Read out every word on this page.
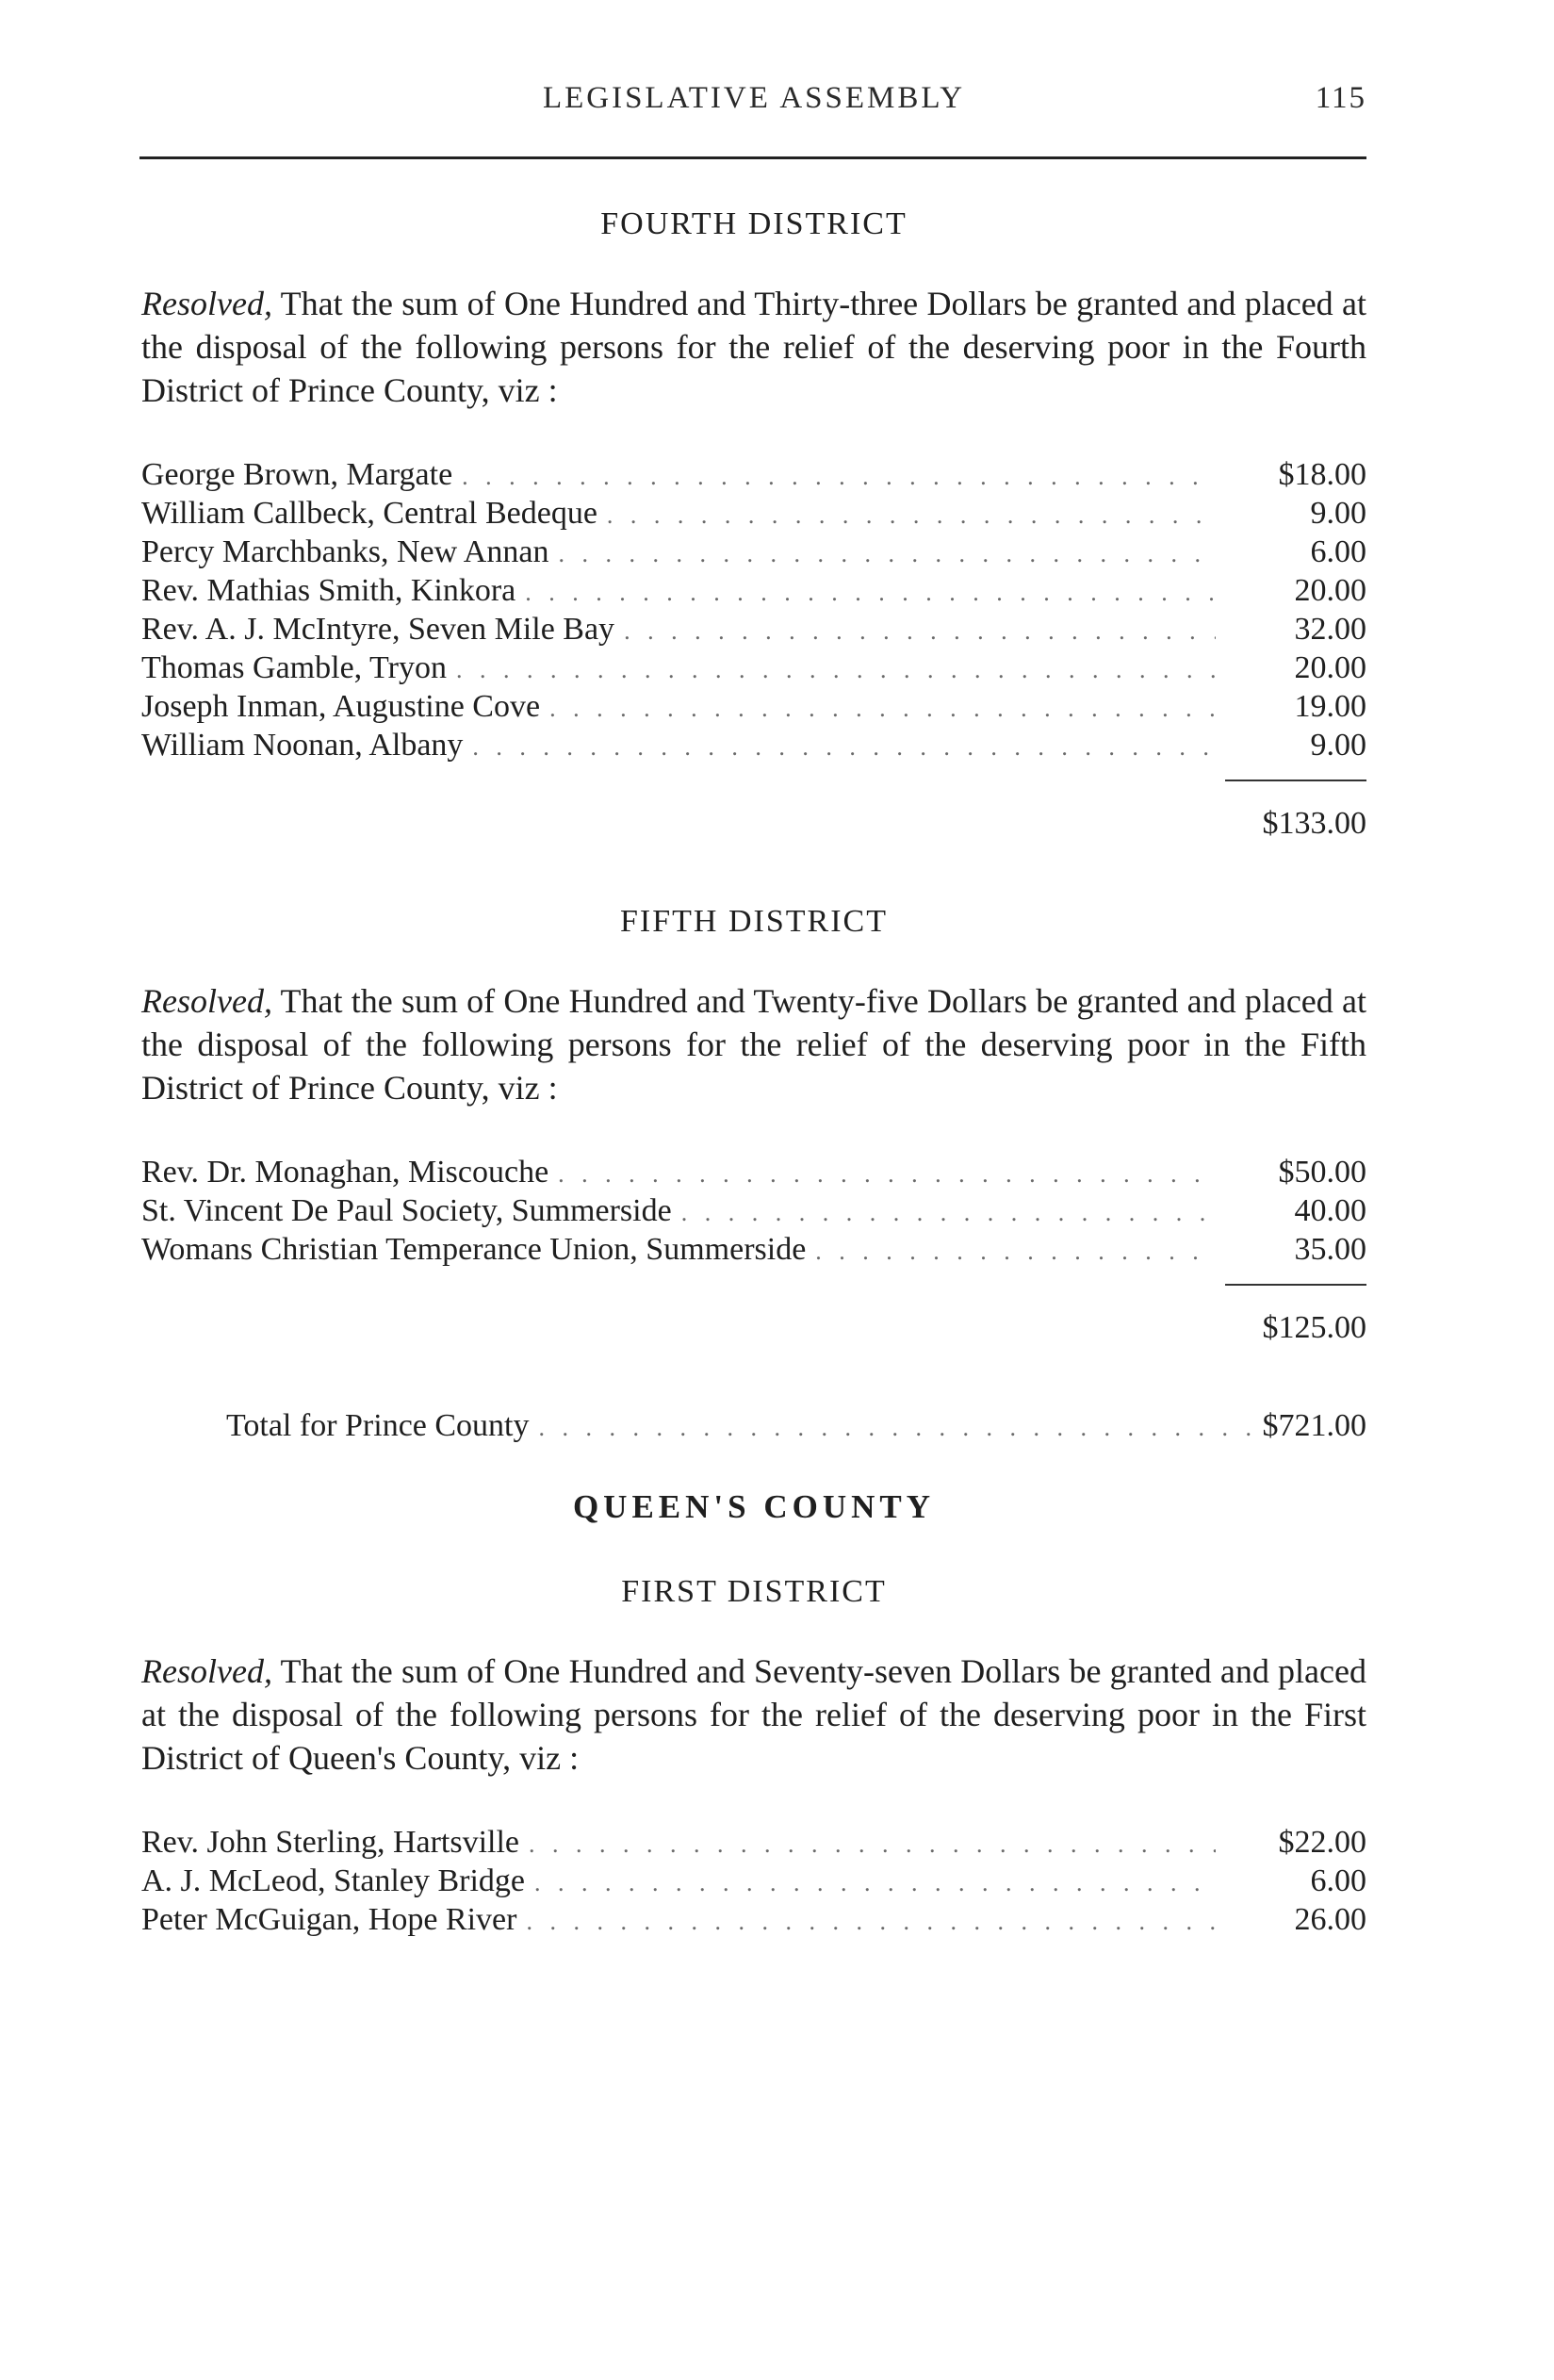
LEGISLATIVE ASSEMBLY	115
FOURTH DISTRICT

Resolved, That the sum of One Hundred and Thirty-three Dollars be granted and placed at the disposal of the following persons for the relief of the deserving poor in the Fourth District of Prince County, viz :

George Brown, Margate . . .	$18.00
William Callbeck, Central Bedeque . . .	9.00
Percy Marchbanks, New Annan . . .	6.00
Rev. Mathias Smith, Kinkora . . .	20.00
Rev. A. J. McIntyre, Seven Mile Bay . . .	32.00
Thomas Gamble, Tryon . . .	20.00
Joseph Inman, Augustine Cove . . .	19.00
William Noonan, Albany . . .	9.00
$133.00
FIFTH DISTRICT

Resolved, That the sum of One Hundred and Twenty-five Dollars be granted and placed at the disposal of the following persons for the relief of the deserving poor in the Fifth District of Prince County, viz :

Rev. Dr. Monaghan, Miscouche . . .	$50.00
St. Vincent De Paul Society, Summerside . . .	40.00
Womans Christian Temperance Union, Summerside . . .	35.00
$125.00
Total for Prince County . . .	$721.00
QUEEN'S COUNTY
FIRST DISTRICT

Resolved, That the sum of One Hundred and Seventy-seven Dollars be granted and placed at the disposal of the following persons for the relief of the deserving poor in the First District of Queen's County, viz :

Rev. John Sterling, Hartsville . . .	$22.00
A. J. McLeod, Stanley Bridge . . .	6.00
Peter McGuigan, Hope River . . .	26.00
